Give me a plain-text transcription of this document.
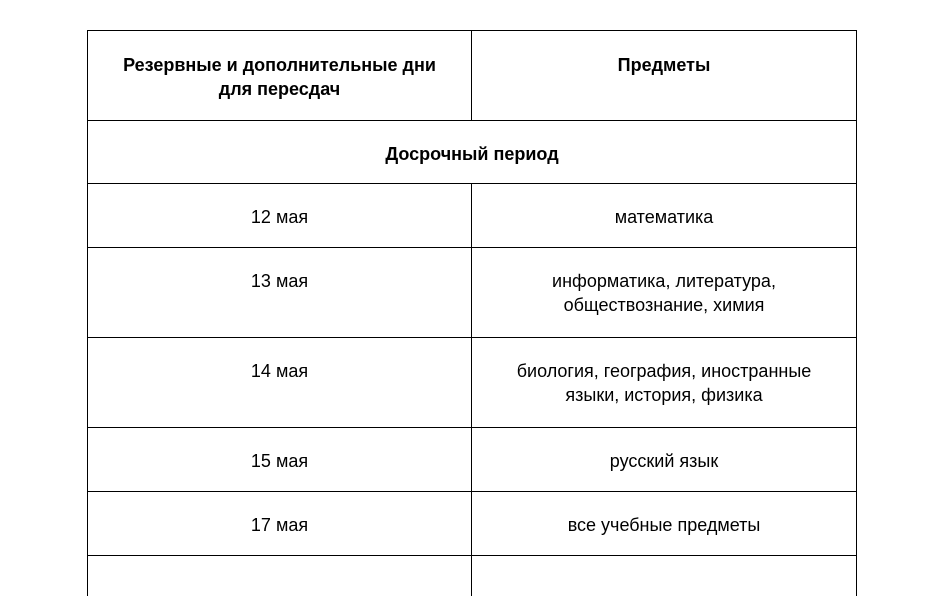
Резервные и дополнительные дни для пересдач	Предметы
Досрочный период	
12 мая	математика
13 мая	информатика, литература, обществознание, химия
14 мая	биология, география, иностранные языки, история, физика
15 мая	русский язык
17 мая	все учебные предметы
